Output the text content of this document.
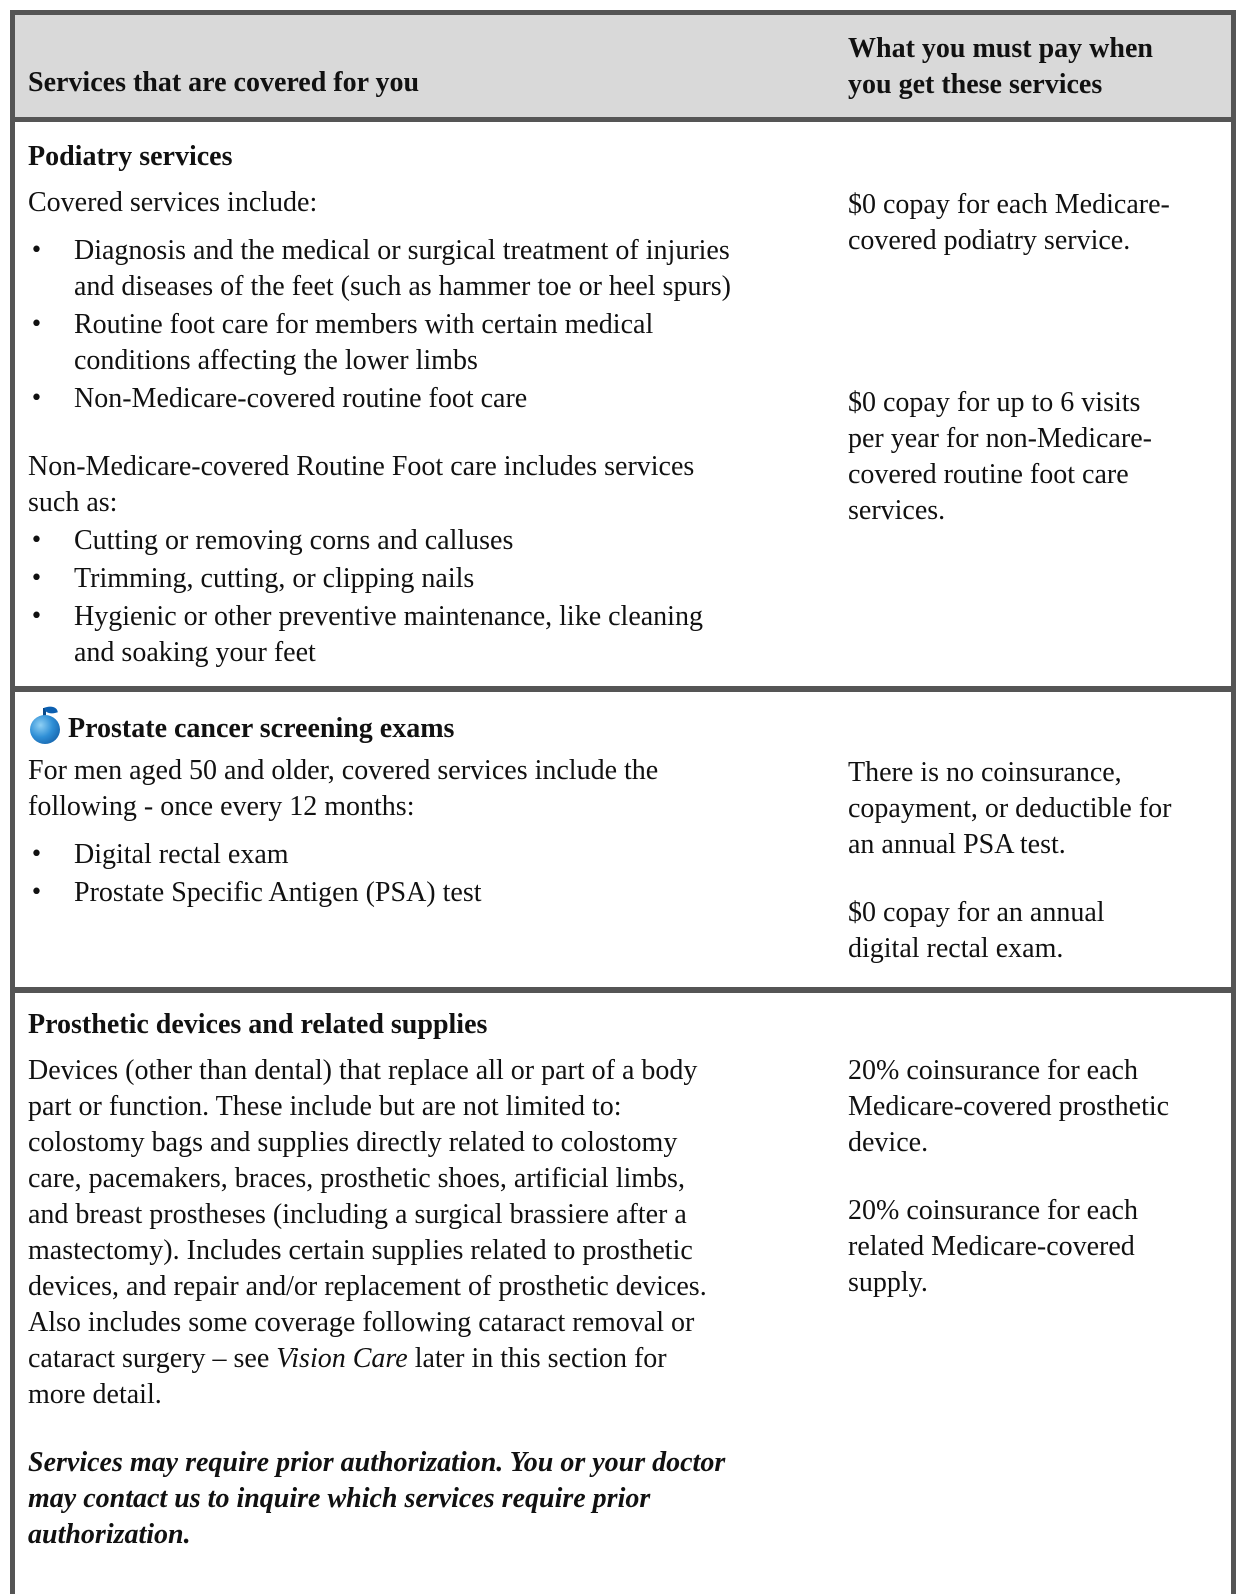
Services that are covered for you
What you must pay when
you get these services
Podiatry services

Covered services include:

• Diagnosis and the medical or surgical treatment of injuries
and diseases of the feet (such as hammer toe or heel spurs)
• Routine foot care for members with certain medical
conditions affecting the lower limbs
• Non-Medicare-covered routine foot care

Non-Medicare-covered Routine Foot care includes services
such as:

• Cutting or removing corns and calluses
• Trimming, cutting, or clipping nails
• Hygienic or other preventive maintenance, like cleaning
and soaking your feet
$0 copay for each Medicare-
covered podiatry service.
$0 copay for up to 6 visits
per year for non-Medicare-
covered routine foot care
services.
Prostate cancer screening exams

For men aged 50 and older, covered services include the
following - once every 12 months:

• Digital rectal exam
• Prostate Specific Antigen (PSA) test
There is no coinsurance,
copayment, or deductible for
an annual PSA test.
$0 copay for an annual
digital rectal exam.
Prosthetic devices and related supplies
Devices (other than dental) that replace all or part of a body
part or function. These include but are not limited to:
colostomy bags and supplies directly related to colostomy
care, pacemakers, braces, prosthetic shoes, artificial limbs,
and breast prostheses (including a surgical brassiere after a
mastectomy). Includes certain supplies related to prosthetic
devices, and repair and/or replacement of prosthetic devices.
Also includes some coverage following cataract removal or
cataract surgery – see Vision Care later in this section for
more detail.
Services may require prior authorization. You or your doctor
may contact us to inquire which services require prior
authorization.
20% coinsurance for each
Medicare-covered prosthetic
device.
20% coinsurance for each
related Medicare-covered
supply.
